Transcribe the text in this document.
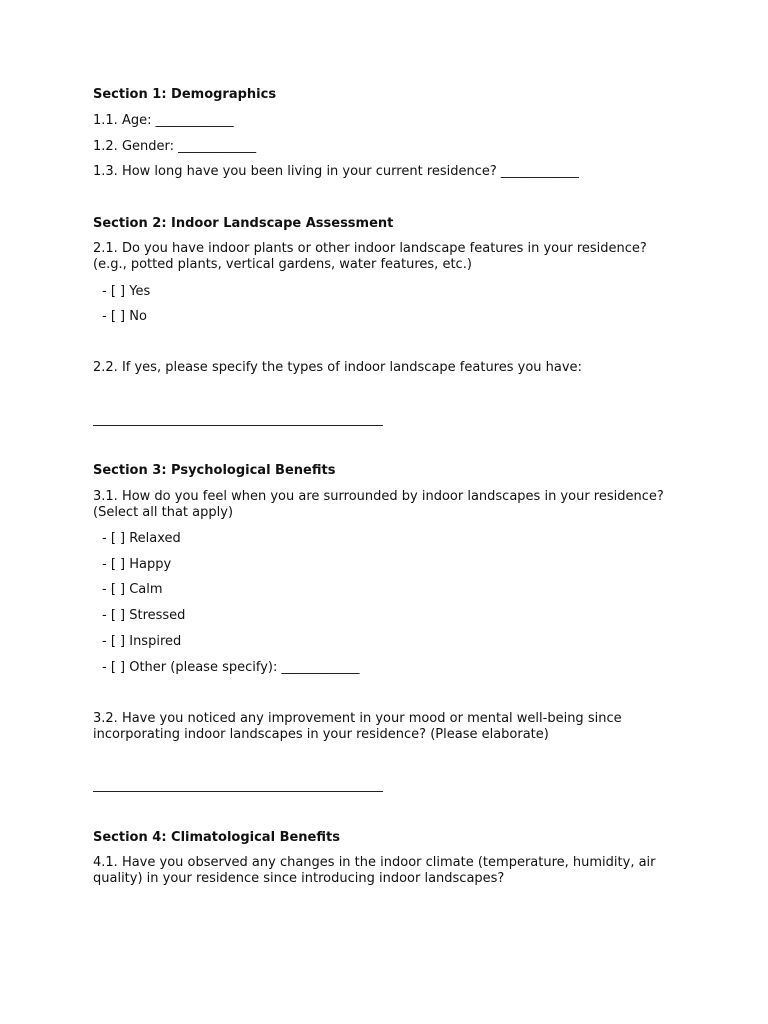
Section 1: Demographics
1.1. Age: ____________
1.2. Gender: ____________
1.3. How long have you been living in your current residence? ____________
Section 2: Indoor Landscape Assessment
2.1. Do you have indoor plants or other indoor landscape features in your residence? (e.g., potted plants, vertical gardens, water features, etc.)
- [ ] Yes
- [ ] No
2.2. If yes, please specify the types of indoor landscape features you have:
Section 3: Psychological Benefits
3.1. How do you feel when you are surrounded by indoor landscapes in your residence? (Select all that apply)
- [ ] Relaxed
- [ ] Happy
- [ ] Calm
- [ ] Stressed
- [ ] Inspired
- [ ] Other (please specify): ____________
3.2. Have you noticed any improvement in your mood or mental well-being since incorporating indoor landscapes in your residence? (Please elaborate)
Section 4: Climatological Benefits
4.1. Have you observed any changes in the indoor climate (temperature, humidity, air quality) in your residence since introducing indoor landscapes?
